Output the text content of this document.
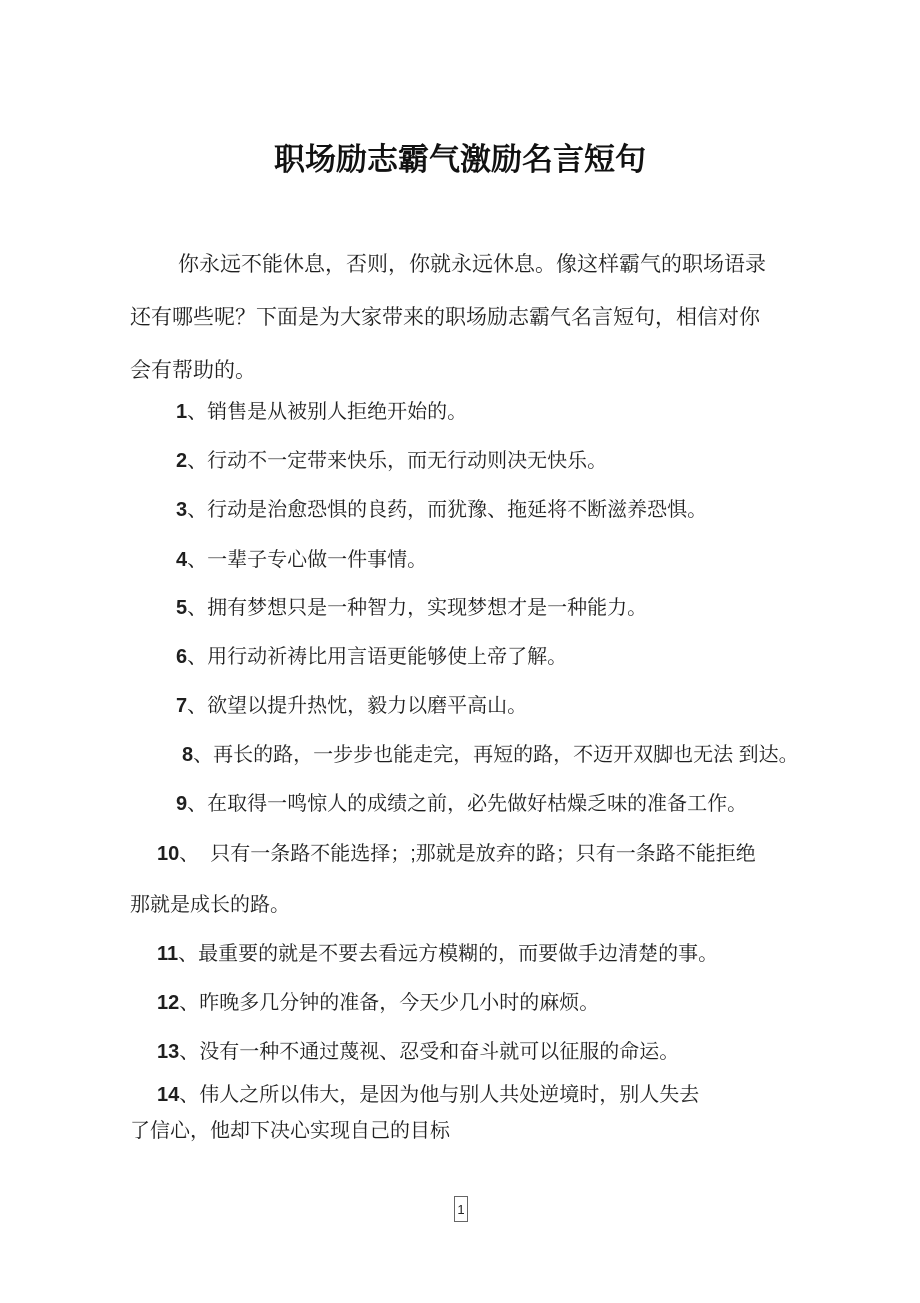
职场励志霸气激励名言短句
你永远不能休息，否则，你就永远休息。像这样霸气的职场语录
还有哪些呢？下面是为大家带来的职场励志霸气名言短句，相信对你
会有帮助的。
1、销售是从被别人拒绝开始的。
2、行动不一定带来快乐，而无行动则决无快乐。
3、行动是治愈恐惧的良药，而犹豫、拖延将不断滋养恐惧。
4、一辈子专心做一件事情。
5、拥有梦想只是一种智力，实现梦想才是一种能力。
6、用行动祈祷比用言语更能够使上帝了解。
7、欲望以提升热忱，毅力以磨平高山。
8、再长的路，一步步也能走完，再短的路，不迈开双脚也无法 到达。
9、在取得一鸣惊人的成绩之前，必先做好枯燥乏味的准备工作。
10、 只有一条路不能选择；;那就是放弃的路；只有一条路不能拒绝
那就是成长的路。
11、最重要的就是不要去看远方模糊的，而要做手边清楚的事。
12、昨晚多几分钟的准备，今天少几小时的麻烦。
13、没有一种不通过蔑视、忍受和奋斗就可以征服的命运。
14、伟人之所以伟大，是因为他与别人共处逆境时，别人失去
了信心，他却下决心实现自己的目标
1
